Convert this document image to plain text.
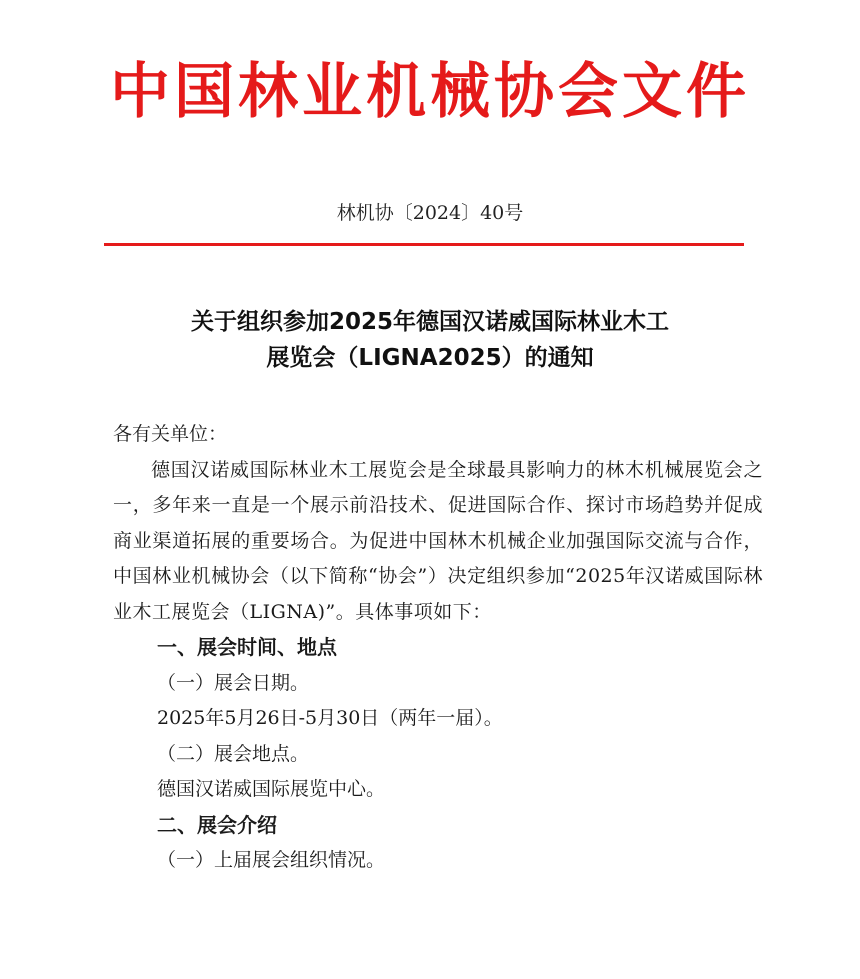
中国林业机械协会文件
林机协〔2024〕40号
关于组织参加2025年德国汉诺威国际林业木工
展览会（LIGNA2025）的通知
各有关单位：
德国汉诺威国际林业木工展览会是全球最具影响力的林木机械展览会之一，多年来一直是一个展示前沿技术、促进国际合作、探讨市场趋势并促成商业渠道拓展的重要场合。为促进中国林木机械企业加强国际交流与合作，中国林业机械协会（以下简称“协会”）决定组织参加“2025年汉诺威国际林业木工展览会（LIGNA)”。具体事项如下：
一、展会时间、地点
（一）展会日期。
2025年5月26日-5月30日（两年一届）。
（二）展会地点。
德国汉诺威国际展览中心。
二、展会介绍
（一）上届展会组织情况。
